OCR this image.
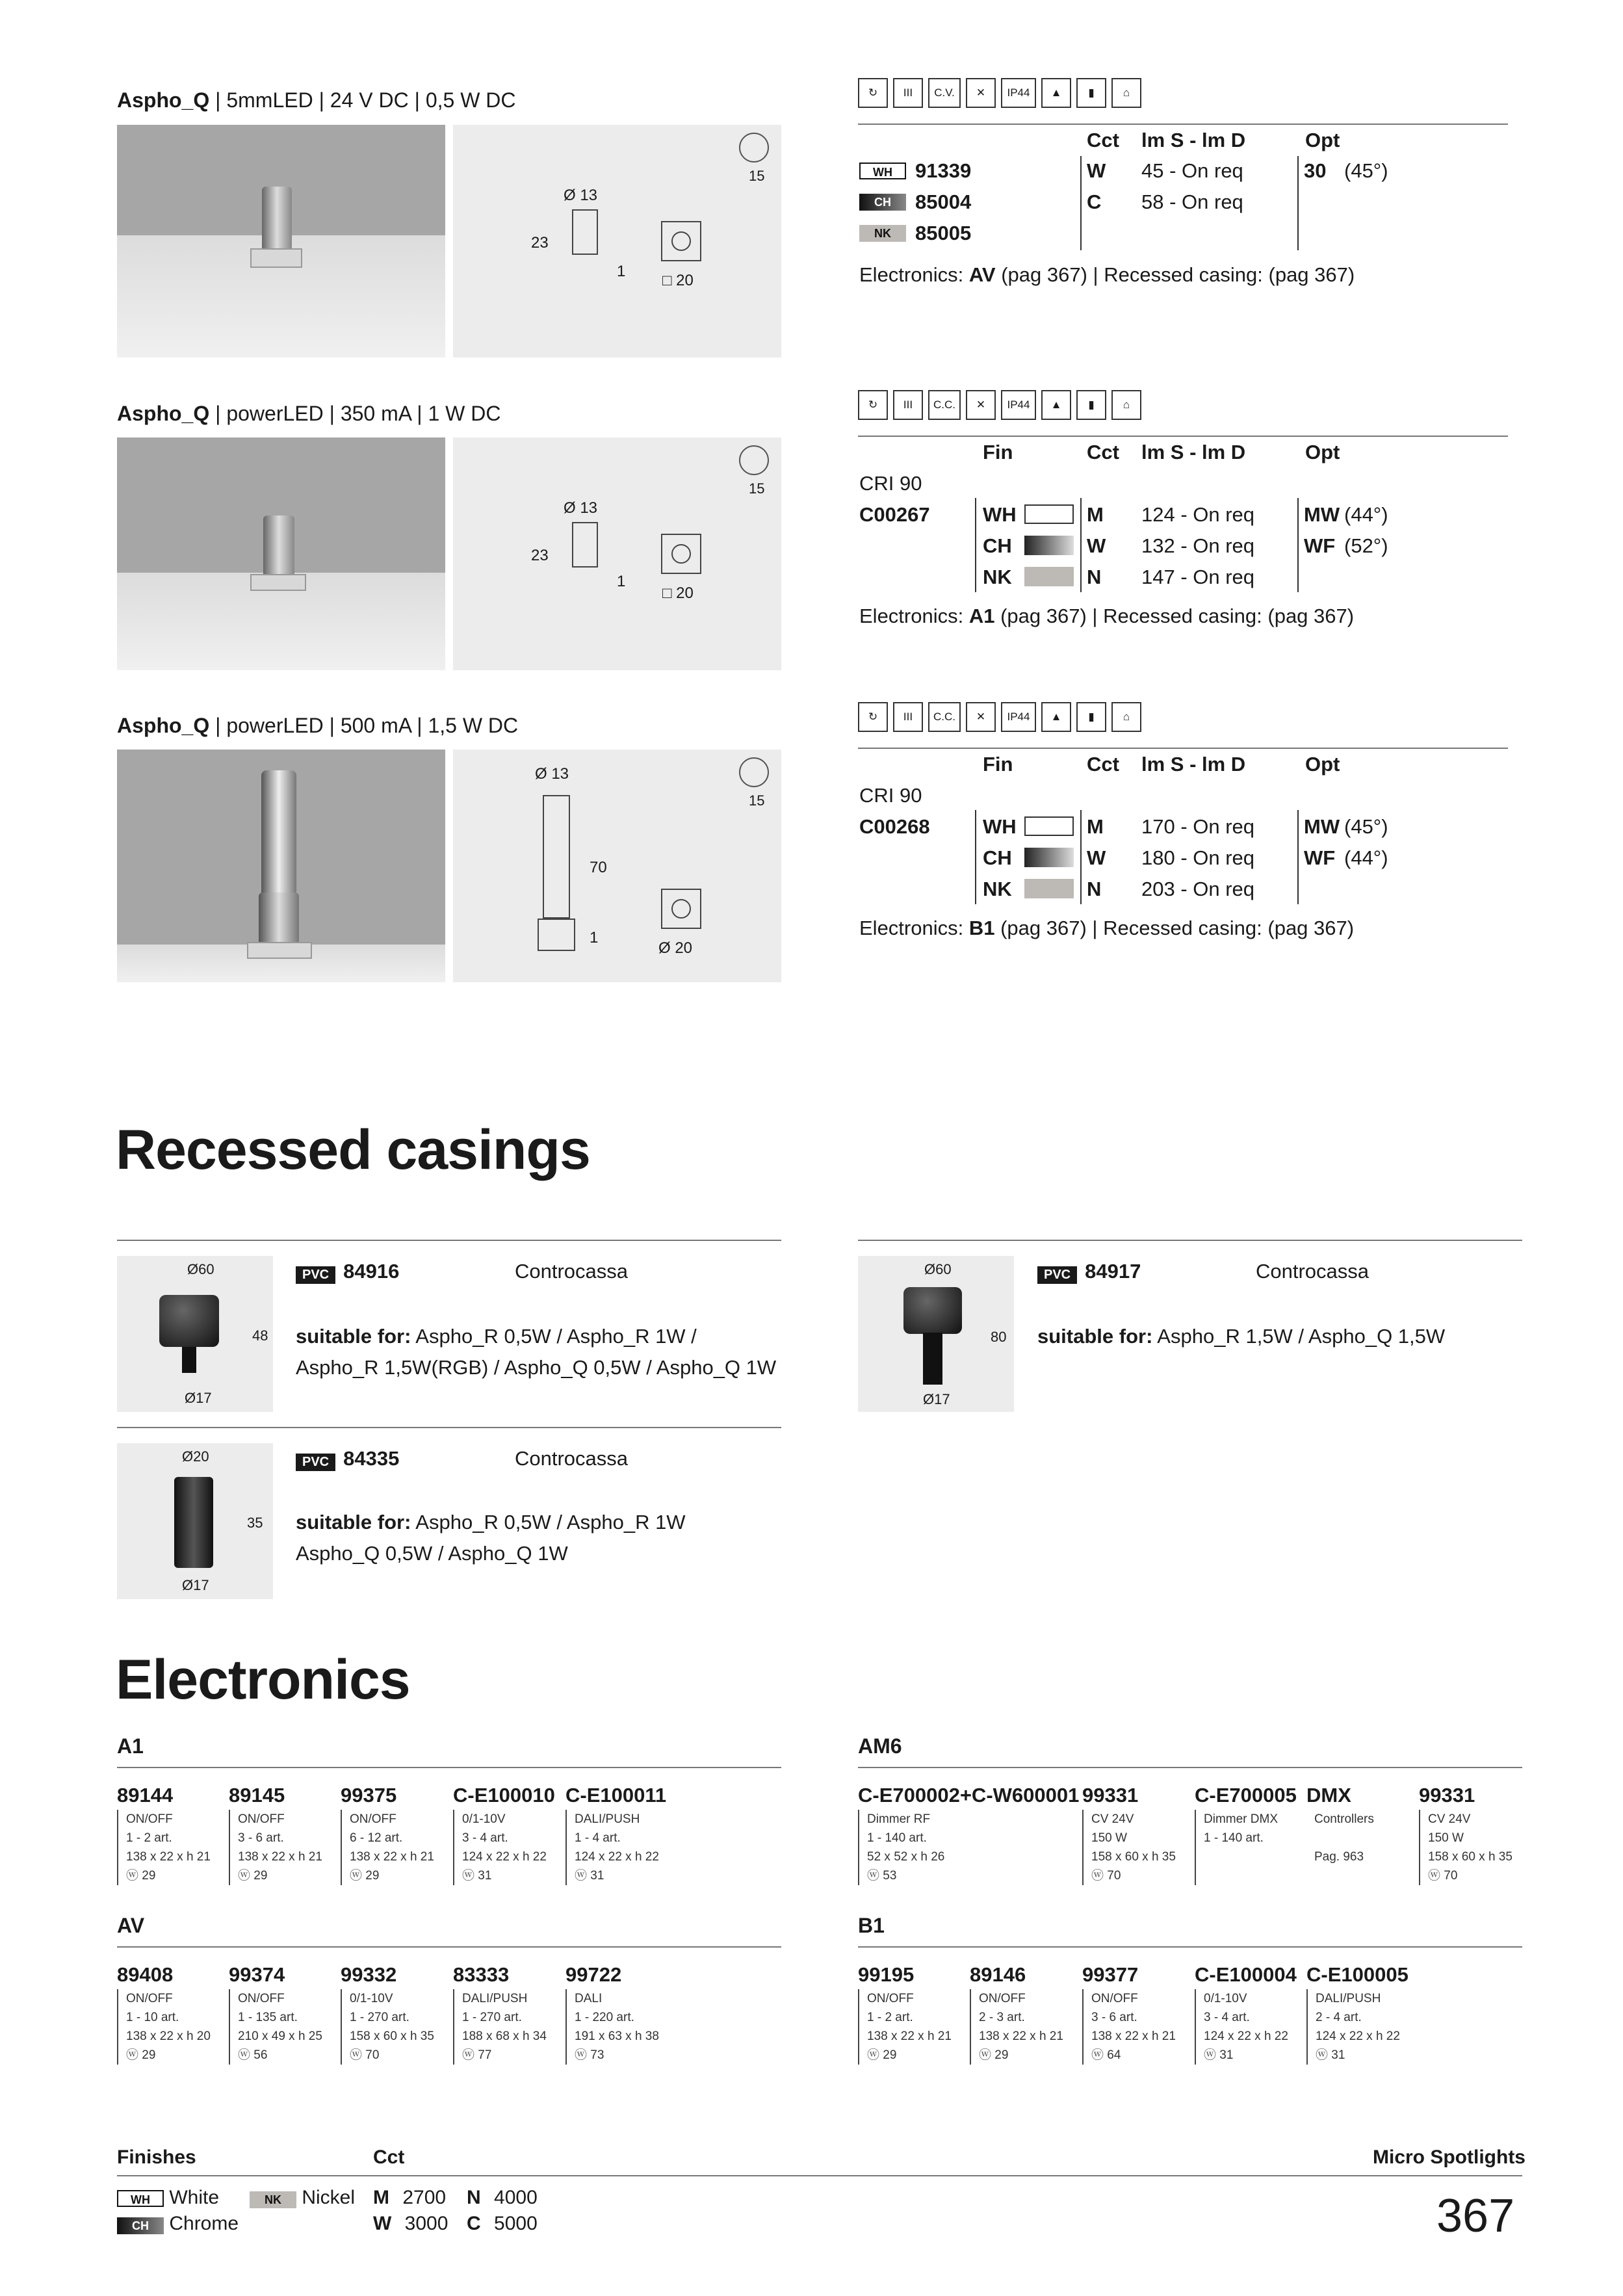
Aspho_Q | 5mmLED | 24 V DC | 0,5 W DC
15
Ø 13
23
1
□ 20
↻	III	C.V.	✕	IP44	▲	▮	⌂
Cct lm S - lm D	Opt
WH	91339	W 45 - On req	30 (45°)
CH	85004	C 58 - On req
NK	85005
Electronics: AV (pag 367) | Recessed casing: (pag 367)
Aspho_Q | powerLED | 350 mA | 1 W DC
15
Ø 13
23
1
□ 20
↻	III	C.C.	✕	IP44	▲	▮	⌂
Fin	Cct lm S - lm D	Opt
CRI 90
C00267	WH	M 124 - On req MW (44°)
CH	W 132 - On req WF (52°)
NK	N 147 - On req
Electronics: A1 (pag 367) | Recessed casing: (pag 367)
Aspho_Q | powerLED | 500 mA | 1,5 W DC
15
Ø 13
70
1
Ø 20
↻	III	C.C.	✕	IP44	▲	▮	⌂
Fin	Cct lm S - lm D	Opt
CRI 90
C00268	WH	M 170 - On req MW (45°)
CH	W 180 - On req WF (44°)
NK	N 203 - On req
Electronics: B1 (pag 367) | Recessed casing: (pag 367)
Recessed casings
Ø60
48
Ø17
PVC 84916	Controcassa
suitable for: Aspho_R 0,5W / Aspho_R 1W /
Aspho_R 1,5W(RGB) / Aspho_Q 0,5W / Aspho_Q 1W
Ø60
80
Ø17
PVC 84917	Controcassa
suitable for: Aspho_R 1,5W / Aspho_Q 1,5W
Ø20
35
Ø17
PVC 84335	Controcassa
suitable for: Aspho_R 0,5W / Aspho_R 1W
Aspho_Q 0,5W / Aspho_Q 1W
Electronics
A1
89144
ON/OFF
1 - 2 art.
138 x 22 x h 21
ⓦ 29
89145
ON/OFF
3 - 6 art.
138 x 22 x h 21
ⓦ 29
99375
ON/OFF
6 - 12 art.
138 x 22 x h 21
ⓦ 29
C-E100010
0/1-10V
3 - 4 art.
124 x 22 x h 22
ⓦ 31
C-E100011
DALI/PUSH
1 - 4 art.
124 x 22 x h 22
ⓦ 31
AM6
C-E700002+C-W600001
Dimmer RF
1 - 140 art.
52 x 52 x h 26
ⓦ 53
99331
CV 24V
150 W
158 x 60 x h 35
ⓦ 70
C-E700005
Dimmer DMX
1 - 140 art.
DMX
Controllers

Pag. 963
99331
CV 24V
150 W
158 x 60 x h 35
ⓦ 70
AV
89408
ON/OFF
1 - 10 art.
138 x 22 x h 20
ⓦ 29
99374
ON/OFF
1 - 135 art.
210 x 49 x h 25
ⓦ 56
99332
0/1-10V
1 - 270 art.
158 x 60 x h 35
ⓦ 70
83333
DALI/PUSH
1 - 270 art.
188 x 68 x h 34
ⓦ 77
99722
DALI
1 - 220 art.
191 x 63 x h 38
ⓦ 73
B1
99195
ON/OFF
1 - 2 art.
138 x 22 x h 21
ⓦ 29
89146
ON/OFF
2 - 3 art.
138 x 22 x h 21
ⓦ 29
99377
ON/OFF
3 - 6 art.
138 x 22 x h 21
ⓦ 64
C-E100004
0/1-10V
3 - 4 art.
124 x 22 x h 22
ⓦ 31
C-E100005
DALI/PUSH
2 - 4 art.
124 x 22 x h 22
ⓦ 31
Finishes	Cct	Micro Spotlights
WH White	NK Nickel
CH Chrome
M 2700 N 4000
W 3000 C 5000	367
